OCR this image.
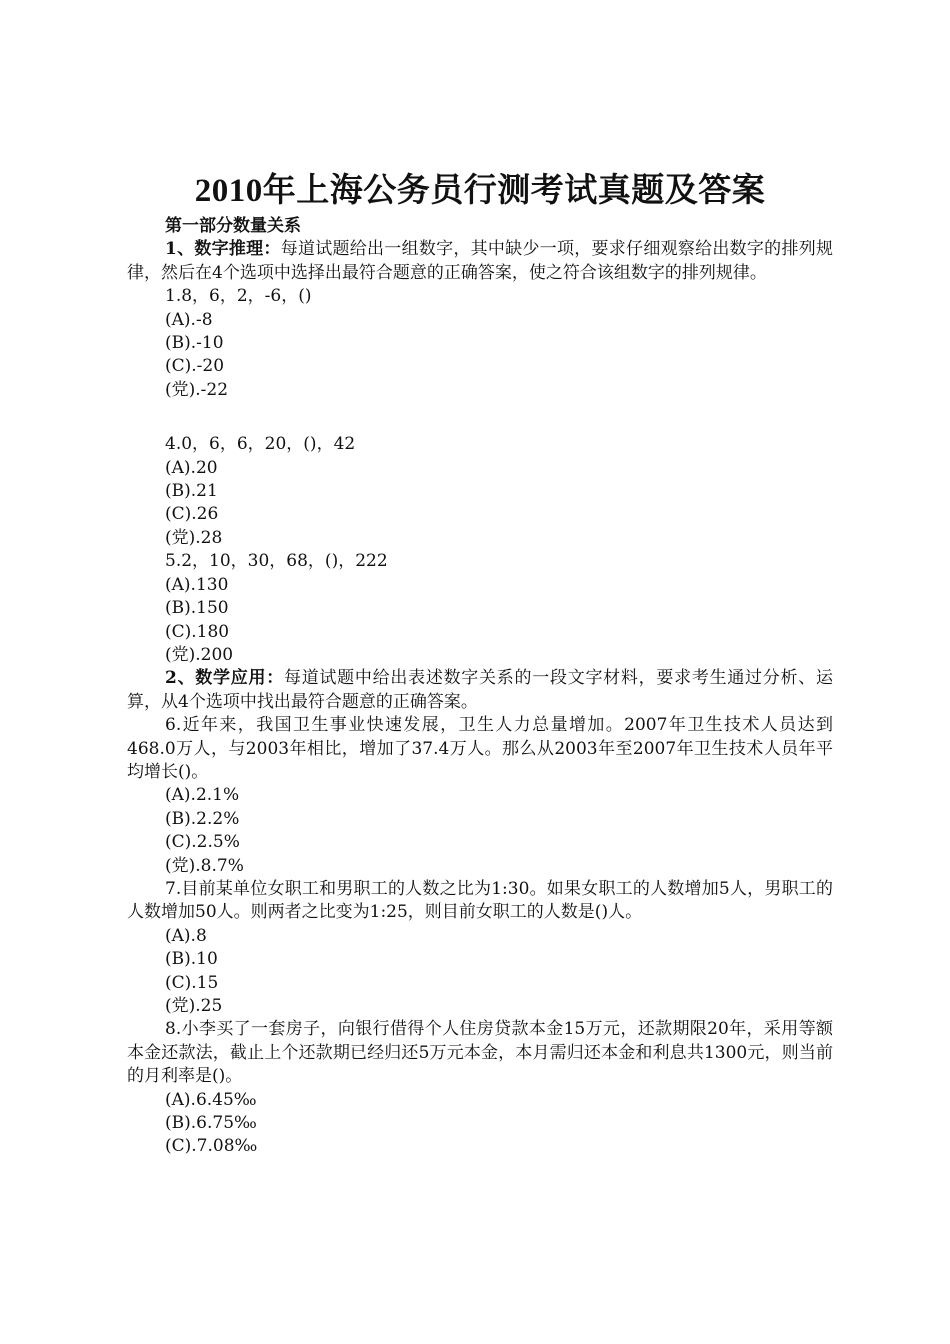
2010年上海公务员行测考试真题及答案

第一部分数量关系

1、数字推理：每道试题给出一组数字，其中缺少一项，要求仔细观察给出数字的排列规律，然后在4个选项中选择出最符合题意的正确答案，使之符合该组数字的排列规律。

1.8，6，2，-6，()

(A).-8

(B).-10

(C).-20

(党).-22

4.0，6，6，20，()，42

(A).20

(B).21

(C).26

(党).28

5.2，10，30，68，()，222

(A).130

(B).150

(C).180

(党).200

2、数学应用：每道试题中给出表述数字关系的一段文字材料，要求考生通过分析、运算，从4个选项中找出最符合题意的正确答案。

6.近年来，我国卫生事业快速发展，卫生人力总量增加。2007年卫生技术人员达到468.0万人，与2003年相比，增加了37.4万人。那么从2003年至2007年卫生技术人员年平均增长()。

(A).2.1%

(B).2.2%

(C).2.5%

(党).8.7%

7.目前某单位女职工和男职工的人数之比为1:30。如果女职工的人数增加5人，男职工的人数增加50人。则两者之比变为1:25，则目前女职工的人数是()人。

(A).8

(B).10

(C).15

(党).25

8.小李买了一套房子，向银行借得个人住房贷款本金15万元，还款期限20年，采用等额本金还款法，截止上个还款期已经归还5万元本金，本月需归还本金和利息共1300元，则当前的月利率是()。

(A).6.45‰

(B).6.75‰

(C).7.08‰
